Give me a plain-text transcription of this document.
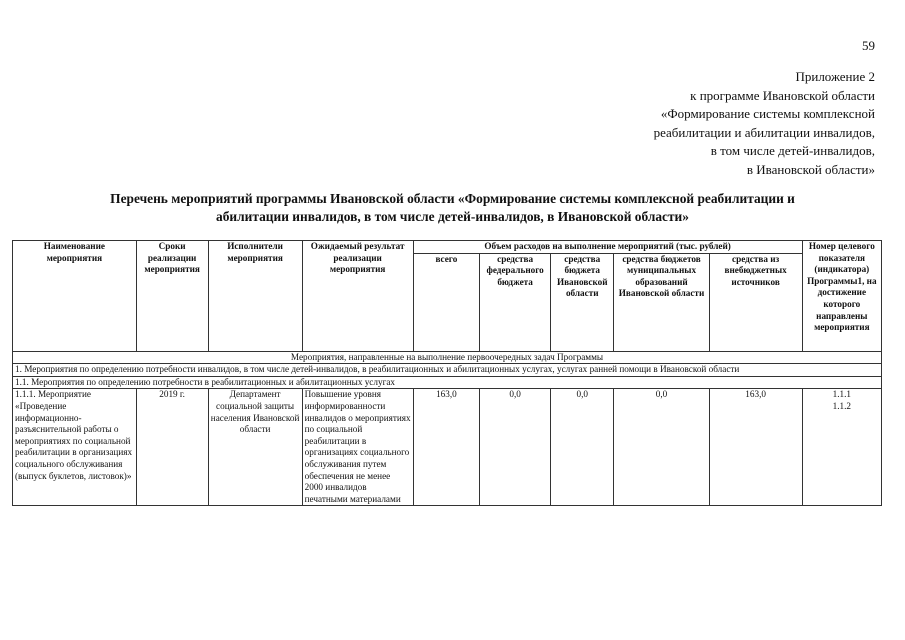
59
Приложение 2
к программе Ивановской области
«Формирование системы комплексной
реабилитации и абилитации инвалидов,
в том числе детей-инвалидов,
в Ивановской области»
Перечень мероприятий программы Ивановской области «Формирование системы комплексной реабилитации и
абилитации инвалидов, в том числе детей-инвалидов, в Ивановской области»
Наименование мероприятия	Сроки реализации мероприятия	Исполнители мероприятия	Ожидаемый результат реализации мероприятия	Объем расходов на выполнение мероприятий (тыс. рублей)					Номер целевого показателя (индикатора) Программы1, на достижение которого направлены мероприятия
				всего	средства федерального бюджета	средства бюджета Ивановской области	средства бюджетов муниципальных образований Ивановской области	средства из внебюджетных источников	
Мероприятия, направленные на выполнение первоочередных задач Программы									
1. Мероприятия по определению потребности инвалидов, в том числе детей-инвалидов, в реабилитационных и абилитационных услугах, услугах ранней помощи в Ивановской области									
1.1. Мероприятия по определению потребности в реабилитационных и абилитационных услугах									
1.1.1. Мероприятие «Проведение информационно-разъяснительной работы о мероприятиях по социальной реабилитации в организациях социального обслуживания (выпуск буклетов, листовок)»	2019 г.	Департамент социальной защиты населения Ивановской области	Повышение уровня информированности инвалидов о мероприятиях по социальной реабилитации в организациях социального обслуживания путем обеспечения не менее 2000 инвалидов печатными материалами	163,0	0,0	0,0	0,0	163,0	1.1.1
1.1.2
